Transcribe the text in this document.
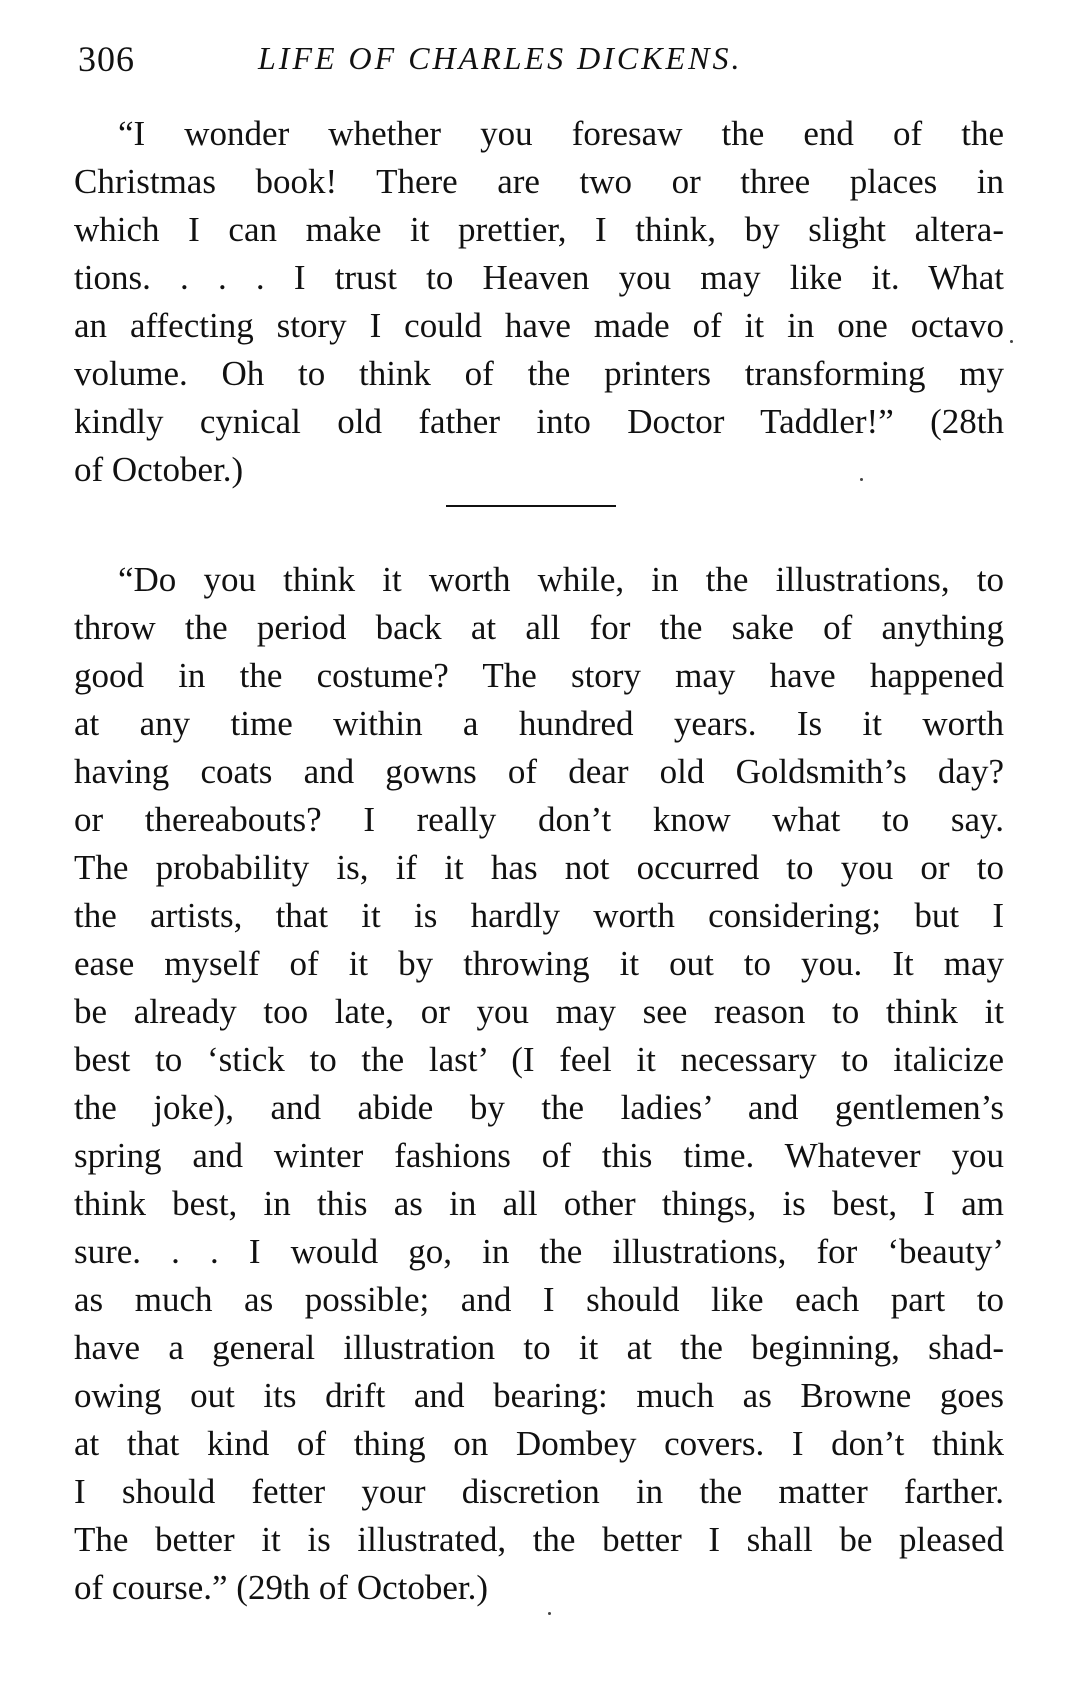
306	LIFE OF CHARLES DICKENS.
“I wonder whether you foresaw the end of the
Christmas book! There are two or three places in
which I can make it prettier, I think, by slight altera-
tions. . . . I trust to Heaven you may like it. What
an affecting story I could have made of it in one octavo
volume. Oh to think of the printers transforming my
kindly cynical old father into Doctor Taddler!” (28th
of October.)
“Do you think it worth while, in the illustrations, to
throw the period back at all for the sake of anything
good in the costume? The story may have happened
at any time within a hundred years. Is it worth
having coats and gowns of dear old Goldsmith’s day?
or thereabouts? I really don’t know what to say.
The probability is, if it has not occurred to you or to
the artists, that it is hardly worth considering; but I
ease myself of it by throwing it out to you. It may
be already too late, or you may see reason to think it
best to ‘stick to the last’ (I feel it necessary to italicize
the joke), and abide by the ladies’ and gentlemen’s
spring and winter fashions of this time. Whatever you
think best, in this as in all other things, is best, I am
sure. . . I would go, in the illustrations, for ‘beauty’
as much as possible; and I should like each part to
have a general illustration to it at the beginning, shad-
owing out its drift and bearing: much as Browne goes
at that kind of thing on Dombey covers. I don’t think
I should fetter your discretion in the matter farther.
The better it is illustrated, the better I shall be pleased
of course.” (29th of October.)
